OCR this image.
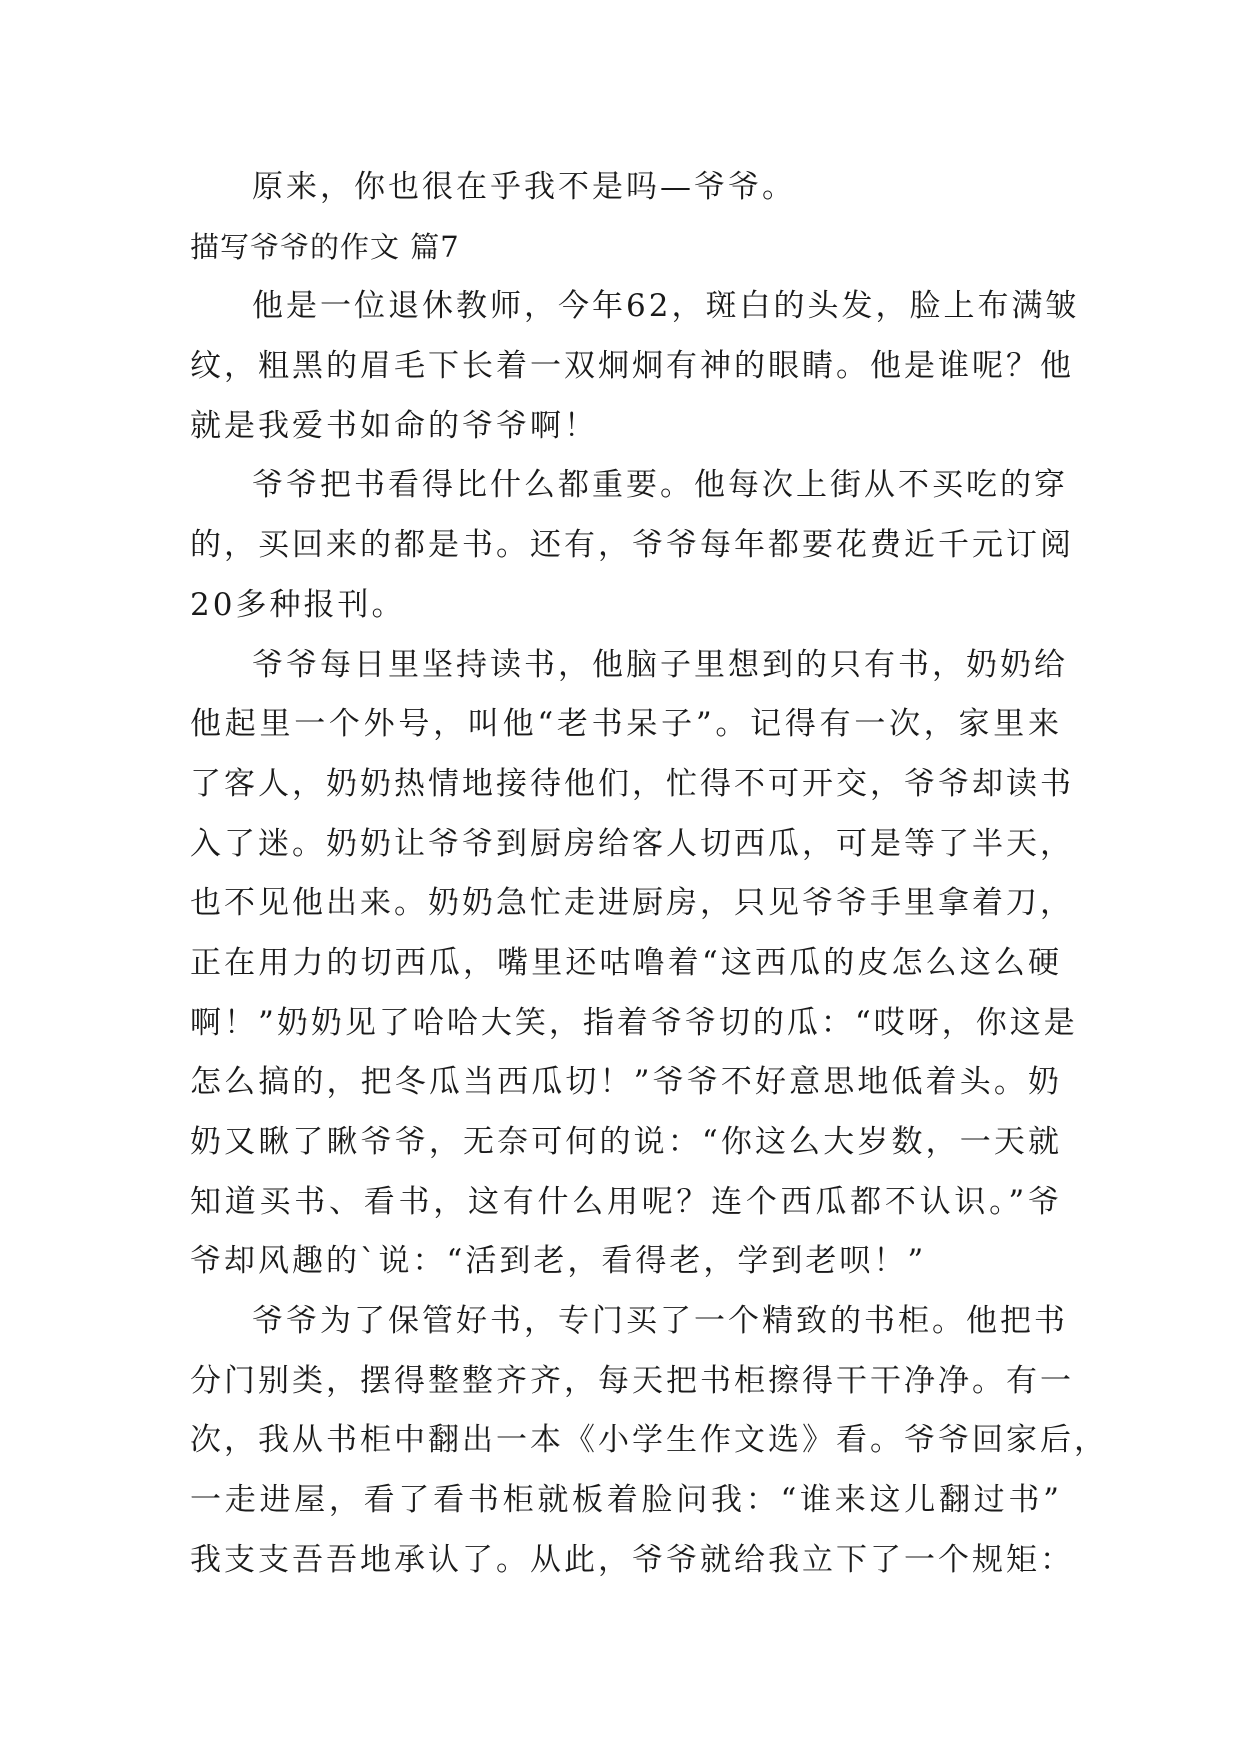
原来，你也很在乎我不是吗—爷爷。
描写爷爷的作文 篇7
他是一位退休教师，今年62，斑白的头发，脸上布满皱
纹，粗黑的眉毛下长着一双炯炯有神的眼睛。他是谁呢？他
就是我爱书如命的爷爷啊！
爷爷把书看得比什么都重要。他每次上街从不买吃的穿
的，买回来的都是书。还有，爷爷每年都要花费近千元订阅
20多种报刊。
爷爷每日里坚持读书，他脑子里想到的只有书，奶奶给
他起里一个外号，叫他“老书呆子”。记得有一次，家里来
了客人，奶奶热情地接待他们，忙得不可开交，爷爷却读书
入了迷。奶奶让爷爷到厨房给客人切西瓜，可是等了半天，
也不见他出来。奶奶急忙走进厨房，只见爷爷手里拿着刀，
正在用力的切西瓜，嘴里还咕噜着“这西瓜的皮怎么这么硬
啊！”奶奶见了哈哈大笑，指着爷爷切的瓜：“哎呀，你这是
怎么搞的，把冬瓜当西瓜切！”爷爷不好意思地低着头。奶
奶又瞅了瞅爷爷，无奈可何的说：“你这么大岁数，一天就
知道买书、看书，这有什么用呢？连个西瓜都不认识。”爷
爷却风趣的`说：“活到老，看得老，学到老呗！”
爷爷为了保管好书，专门买了一个精致的书柜。他把书
分门别类，摆得整整齐齐，每天把书柜擦得干干净净。有一
次，我从书柜中翻出一本《小学生作文选》看。爷爷回家后，
一走进屋，看了看书柜就板着脸问我：“谁来这儿翻过书”
我支支吾吾地承认了。从此，爷爷就给我立下了一个规矩：
